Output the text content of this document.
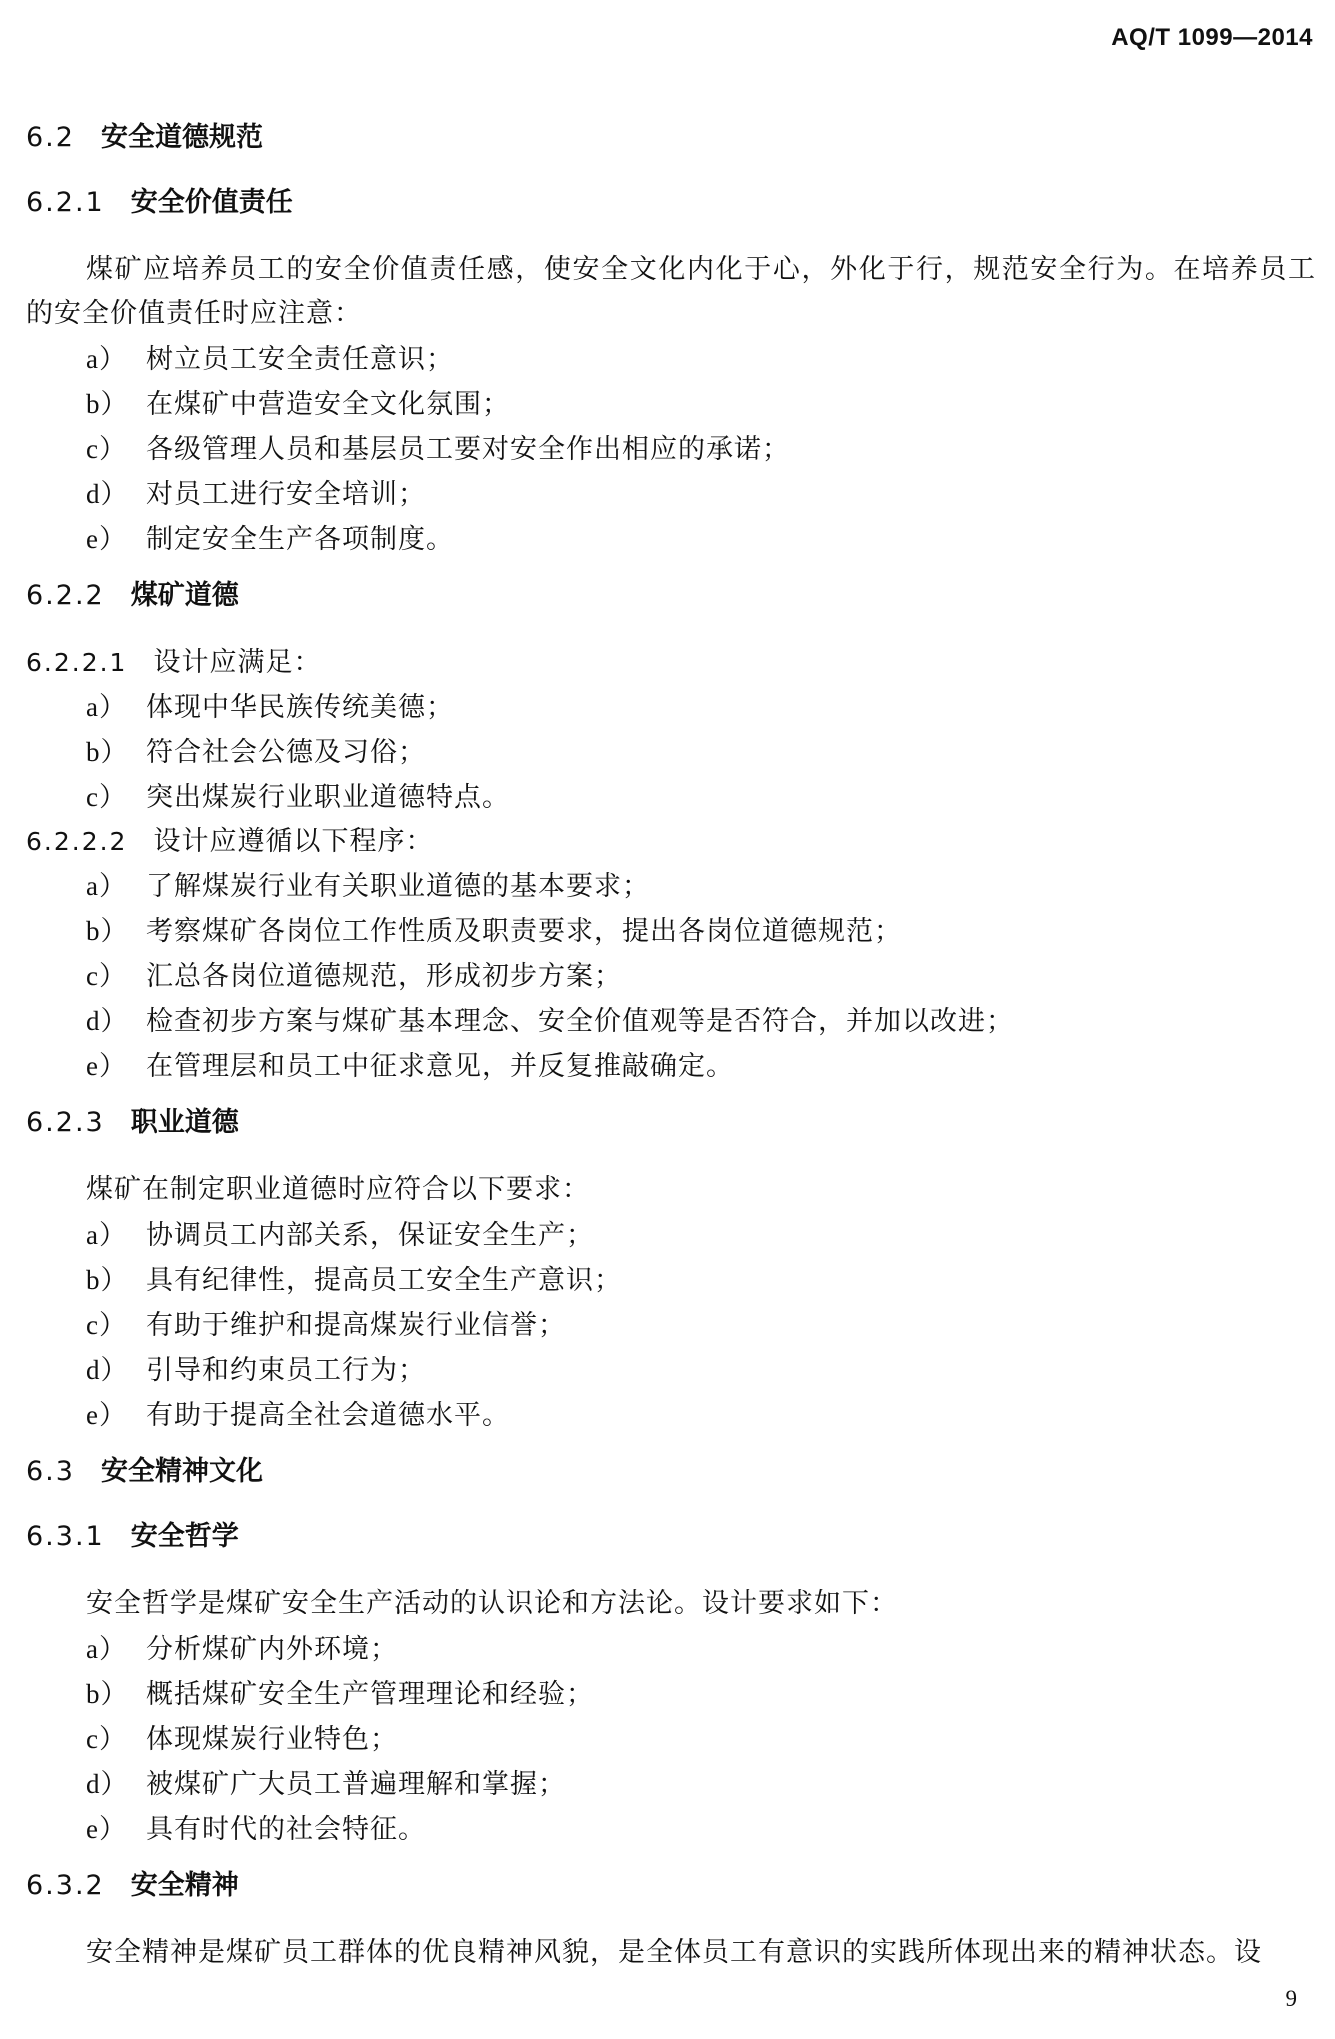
AQ/T 1099—2014
6.2 安全道德规范
6.2.1 安全价值责任
煤矿应培养员工的安全价值责任感，使安全文化内化于心，外化于行，规范安全行为。在培养员工的安全价值责任时应注意：
a） 树立员工安全责任意识；
b） 在煤矿中营造安全文化氛围；
c） 各级管理人员和基层员工要对安全作出相应的承诺；
d） 对员工进行安全培训；
e） 制定安全生产各项制度。
6.2.2 煤矿道德
6.2.2.1 设计应满足：
a） 体现中华民族传统美德；
b） 符合社会公德及习俗；
c） 突出煤炭行业职业道德特点。
6.2.2.2 设计应遵循以下程序：
a） 了解煤炭行业有关职业道德的基本要求；
b） 考察煤矿各岗位工作性质及职责要求，提出各岗位道德规范；
c） 汇总各岗位道德规范，形成初步方案；
d） 检查初步方案与煤矿基本理念、安全价值观等是否符合，并加以改进；
e） 在管理层和员工中征求意见，并反复推敲确定。
6.2.3 职业道德
煤矿在制定职业道德时应符合以下要求：
a） 协调员工内部关系，保证安全生产；
b） 具有纪律性，提高员工安全生产意识；
c） 有助于维护和提高煤炭行业信誉；
d） 引导和约束员工行为；
e） 有助于提高全社会道德水平。
6.3 安全精神文化
6.3.1 安全哲学
安全哲学是煤矿安全生产活动的认识论和方法论。设计要求如下：
a） 分析煤矿内外环境；
b） 概括煤矿安全生产管理理论和经验；
c） 体现煤炭行业特色；
d） 被煤矿广大员工普遍理解和掌握；
e） 具有时代的社会特征。
6.3.2 安全精神
安全精神是煤矿员工群体的优良精神风貌，是全体员工有意识的实践所体现出来的精神状态。设
9
